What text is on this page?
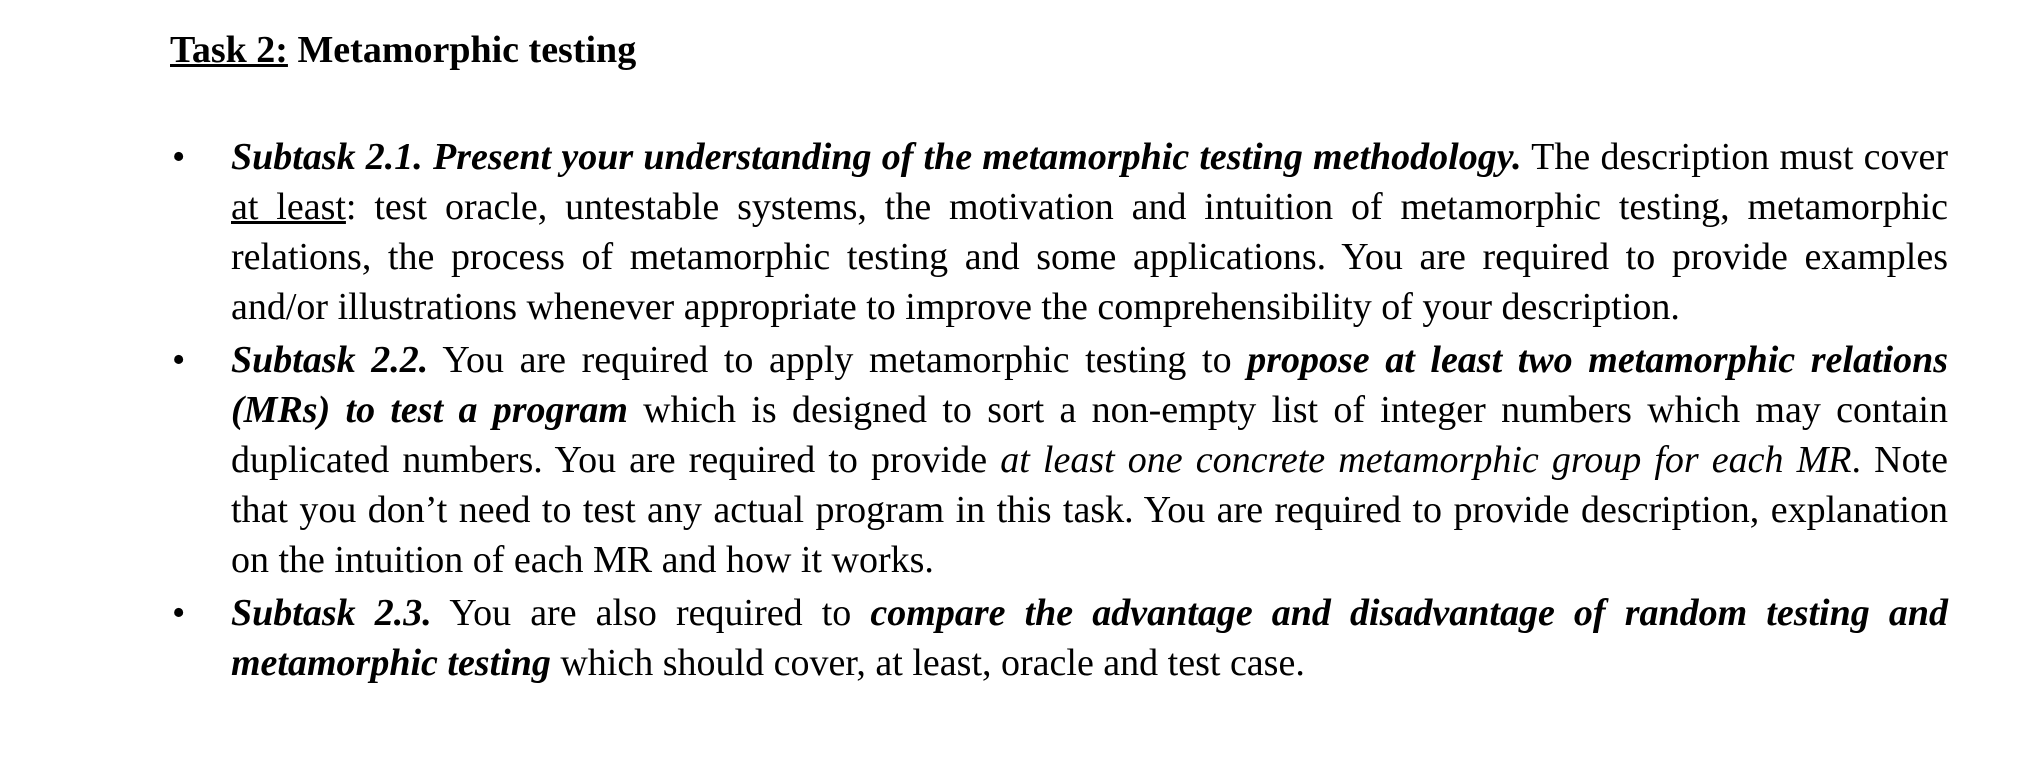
Task 2: Metamorphic testing
• Subtask 2.1. Present your understanding of the metamorphic testing methodology. The description must cover at least: test oracle, untestable systems, the motivation and intuition of metamorphic testing, metamorphic relations, the process of metamorphic testing and some applications. You are required to provide examples and/or illustrations whenever appropriate to improve the comprehensibility of your description.
• Subtask 2.2. You are required to apply metamorphic testing to propose at least two metamorphic relations (MRs) to test a program which is designed to sort a non-empty list of integer numbers which may contain duplicated numbers. You are required to provide at least one concrete metamorphic group for each MR. Note that you don’t need to test any actual program in this task. You are required to provide description, explanation on the intuition of each MR and how it works.
• Subtask 2.3. You are also required to compare the advantage and disadvantage of random testing and metamorphic testing which should cover, at least, oracle and test case.
